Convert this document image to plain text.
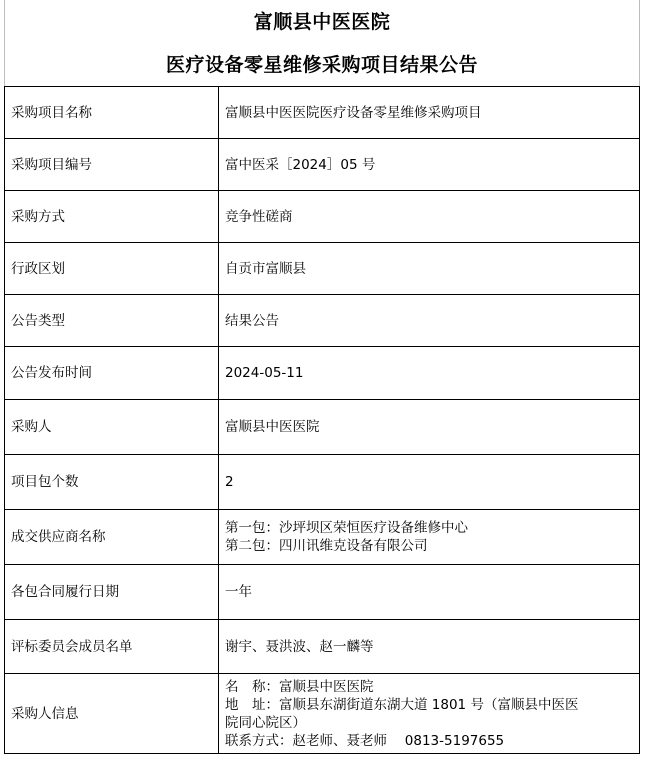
富顺县中医医院
医疗设备零星维修采购项目结果公告
采购项目名称	富顺县中医医院医疗设备零星维修采购项目
采购项目编号	富中医采［2024］05 号
采购方式	竞争性磋商
行政区划	自贡市富顺县
公告类型	结果公告
公告发布时间	2024-05-11
采购人	富顺县中医医院
项目包个数	2
成交供应商名称	第一包：沙坪坝区荣恒医疗设备维修中心
第二包：四川讯维克设备有限公司

各包合同履行日期	一年
评标委员会成员名单	谢宇、聂洪波、赵一麟等
采购人信息	名　称：富顺县中医医院
地　址：富顺县东湖街道东湖大道 1801 号（富顺县中医医
院同心院区）
联系方式：赵老师、聂老师　 0813-5197655
